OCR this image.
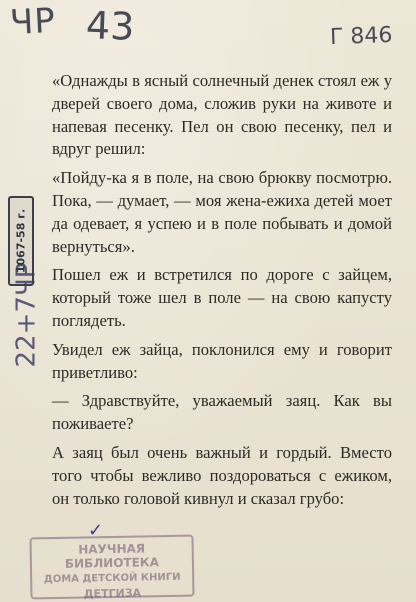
ЧР 43	Г 846
22+7ЧР
1067-58 г.

«Однажды в ясный солнечный денек стоял еж у дверей своего дома, сложив руки на животе и напевая песенку. Пел он свою песенку, пел и вдруг решил:

«Пойду-ка я в поле, на свою брюкву посмотрю. Пока, — думает, — моя жена-ежиха детей моет да одевает, я успею и в поле побывать и домой вернуться».

Пошел еж и встретился по дороге с зайцем, который тоже шел в поле — на свою капусту поглядеть.

Увидел еж зайца, поклонился ему и говорит приветливо:

— Здравствуйте, уважаемый заяц. Как вы поживаете?

А заяц был очень важный и гордый. Вместо того чтобы вежливо поздороваться с ежиком, он только головой кивнул и сказал грубо:

✓
НАУЧНАЯ БИБЛИОТЕКА
ДОМА ДЕТСКОЙ КНИГИ
ДЕТГИЗА
